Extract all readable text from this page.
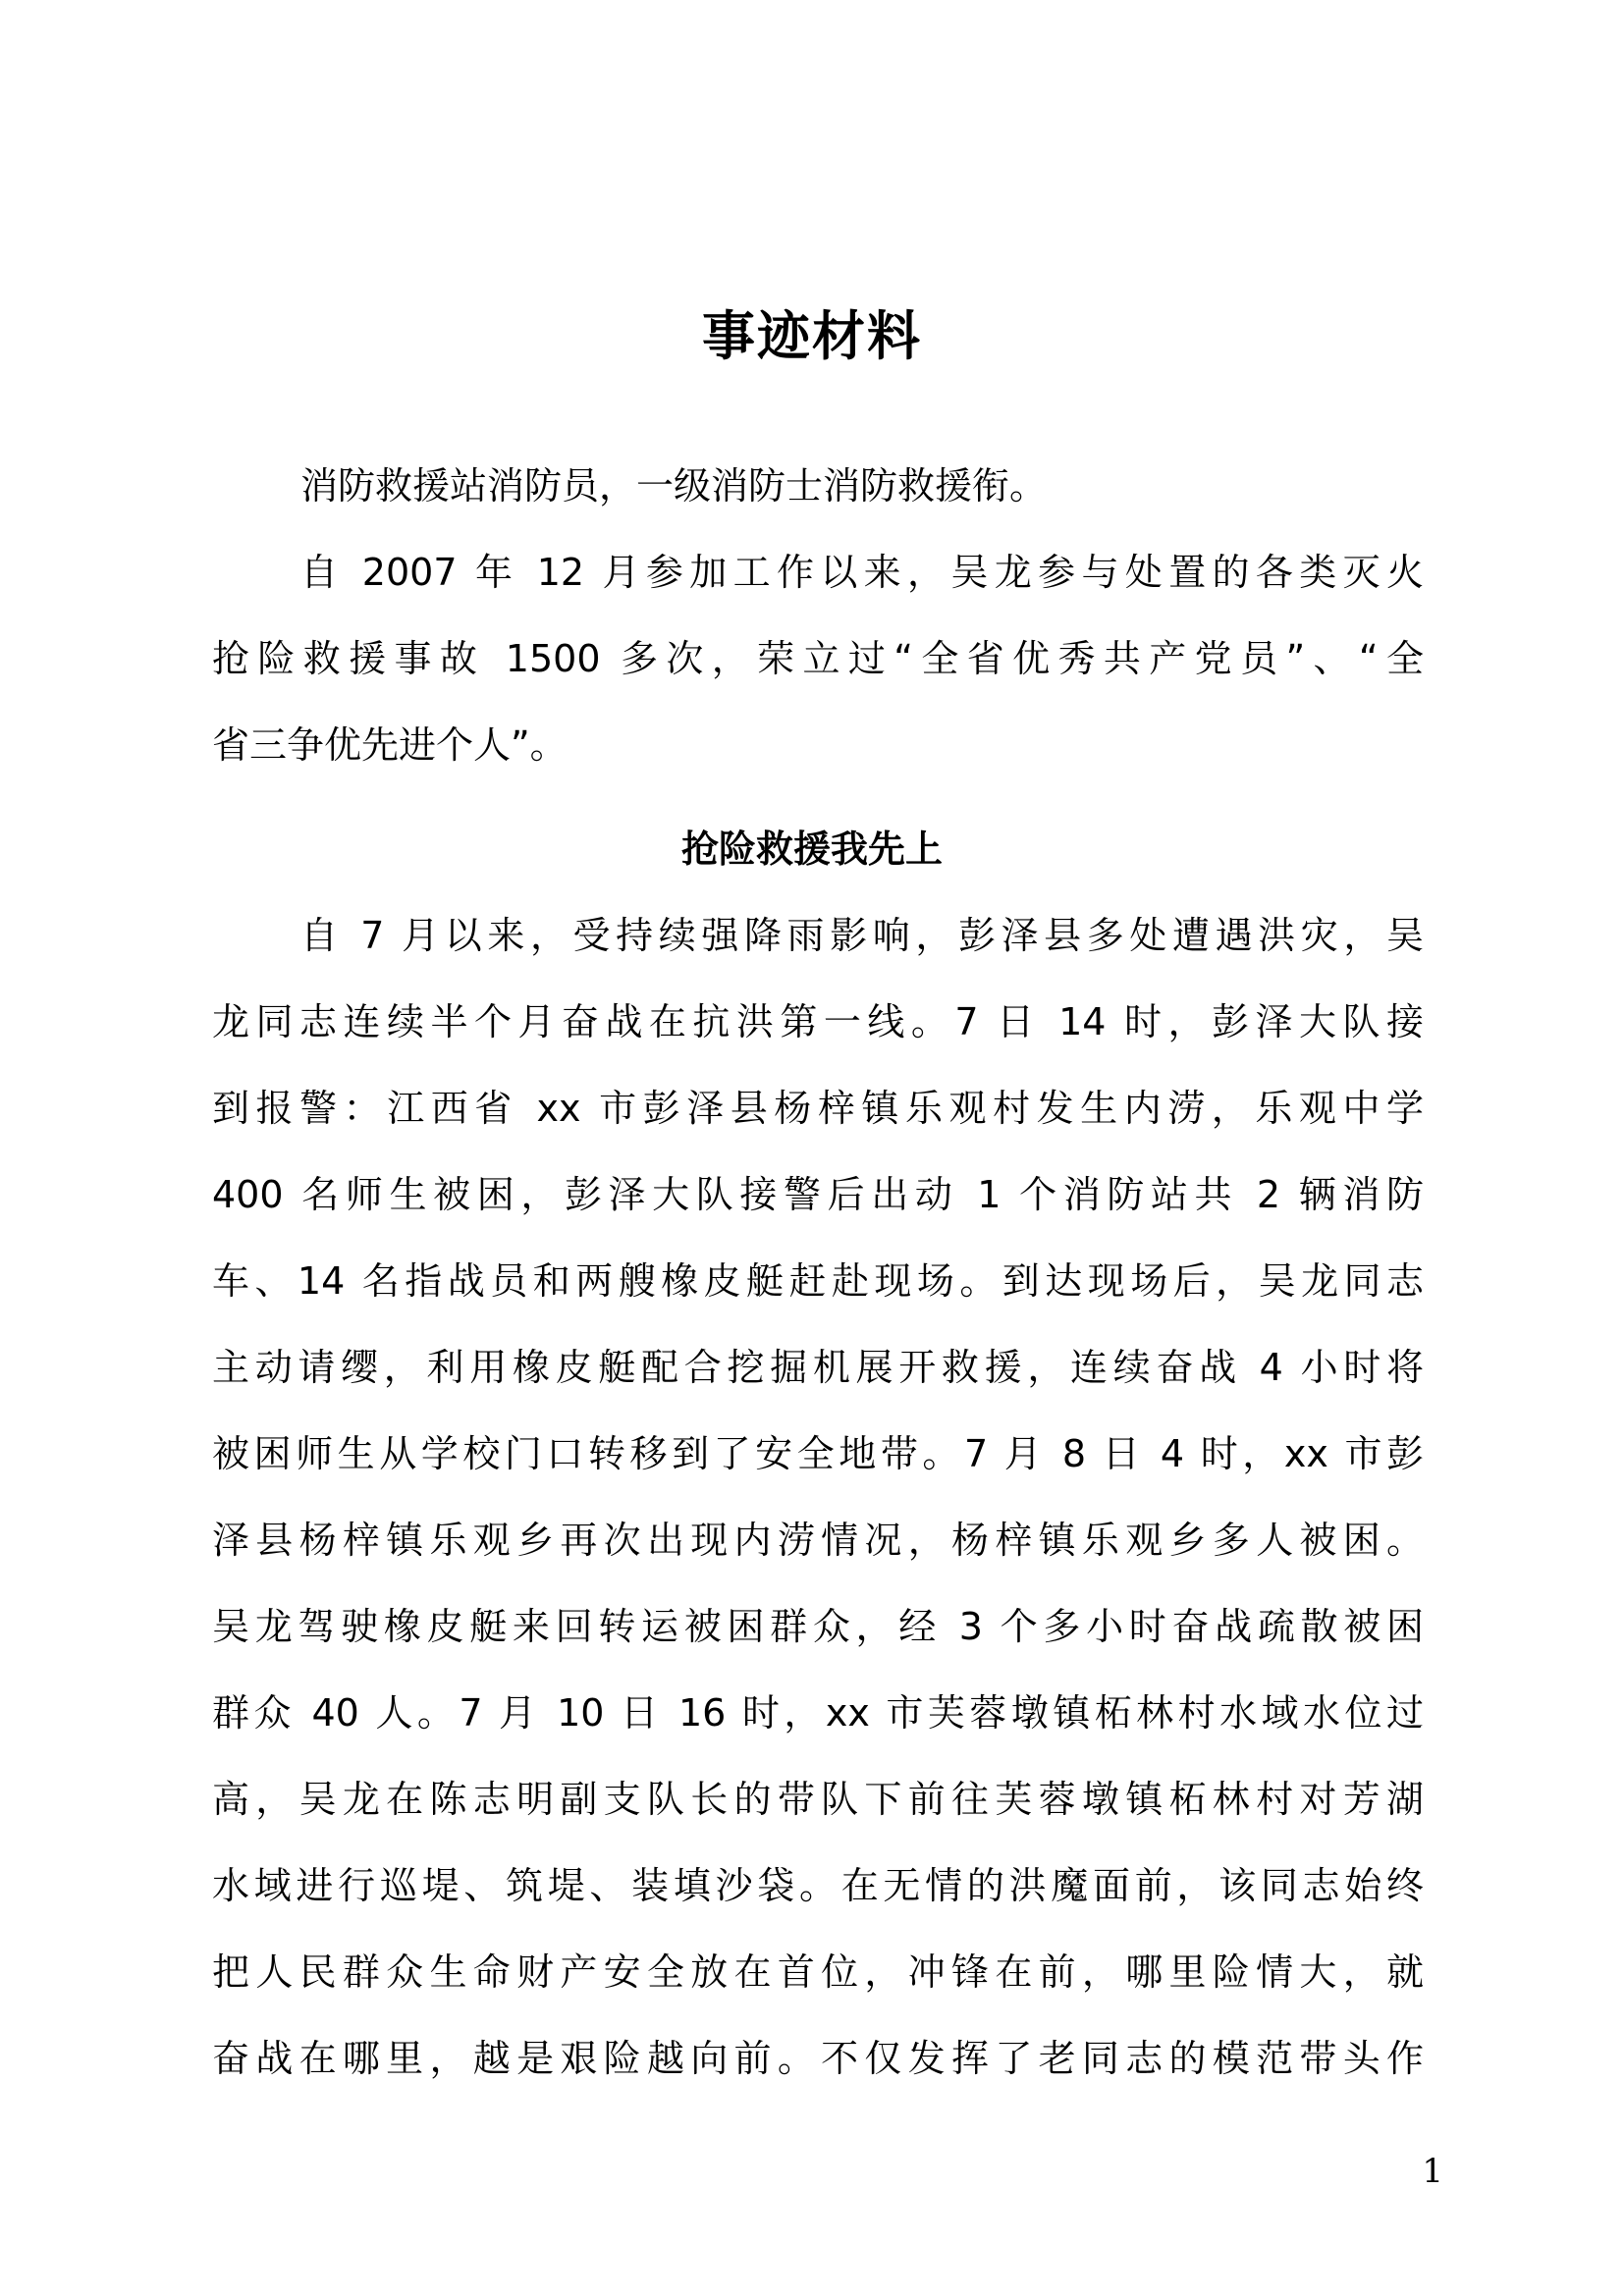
事迹材料
消防救援站消防员，一级消防士消防救援衔。
自 2007 年 12 月参加工作以来，吴龙参与处置的各类灭火
抢险救援事故 1500 多次，荣立过“全省优秀共产党员”、“全
省三争优先进个人”。
抢险救援我先上
自 7 月以来，受持续强降雨影响，彭泽县多处遭遇洪灾，吴
龙同志连续半个月奋战在抗洪第一线。7 日 14 时，彭泽大队接
到报警：江西省 xx 市彭泽县杨梓镇乐观村发生内涝，乐观中学
400 名师生被困，彭泽大队接警后出动 1 个消防站共 2 辆消防
车、14 名指战员和两艘橡皮艇赶赴现场。到达现场后，吴龙同志
主动请缨，利用橡皮艇配合挖掘机展开救援，连续奋战 4 小时将
被困师生从学校门口转移到了安全地带。7 月 8 日 4 时，xx 市彭
泽县杨梓镇乐观乡再次出现内涝情况，杨梓镇乐观乡多人被困。
吴龙驾驶橡皮艇来回转运被困群众，经 3 个多小时奋战疏散被困
群众 40 人。7 月 10 日 16 时，xx 市芙蓉墩镇柘林村水域水位过
高，吴龙在陈志明副支队长的带队下前往芙蓉墩镇柘林村对芳湖
水域进行巡堤、筑堤、装填沙袋。在无情的洪魔面前，该同志始终
把人民群众生命财产安全放在首位，冲锋在前，哪里险情大，就
奋战在哪里，越是艰险越向前。不仅发挥了老同志的模范带头作
1
